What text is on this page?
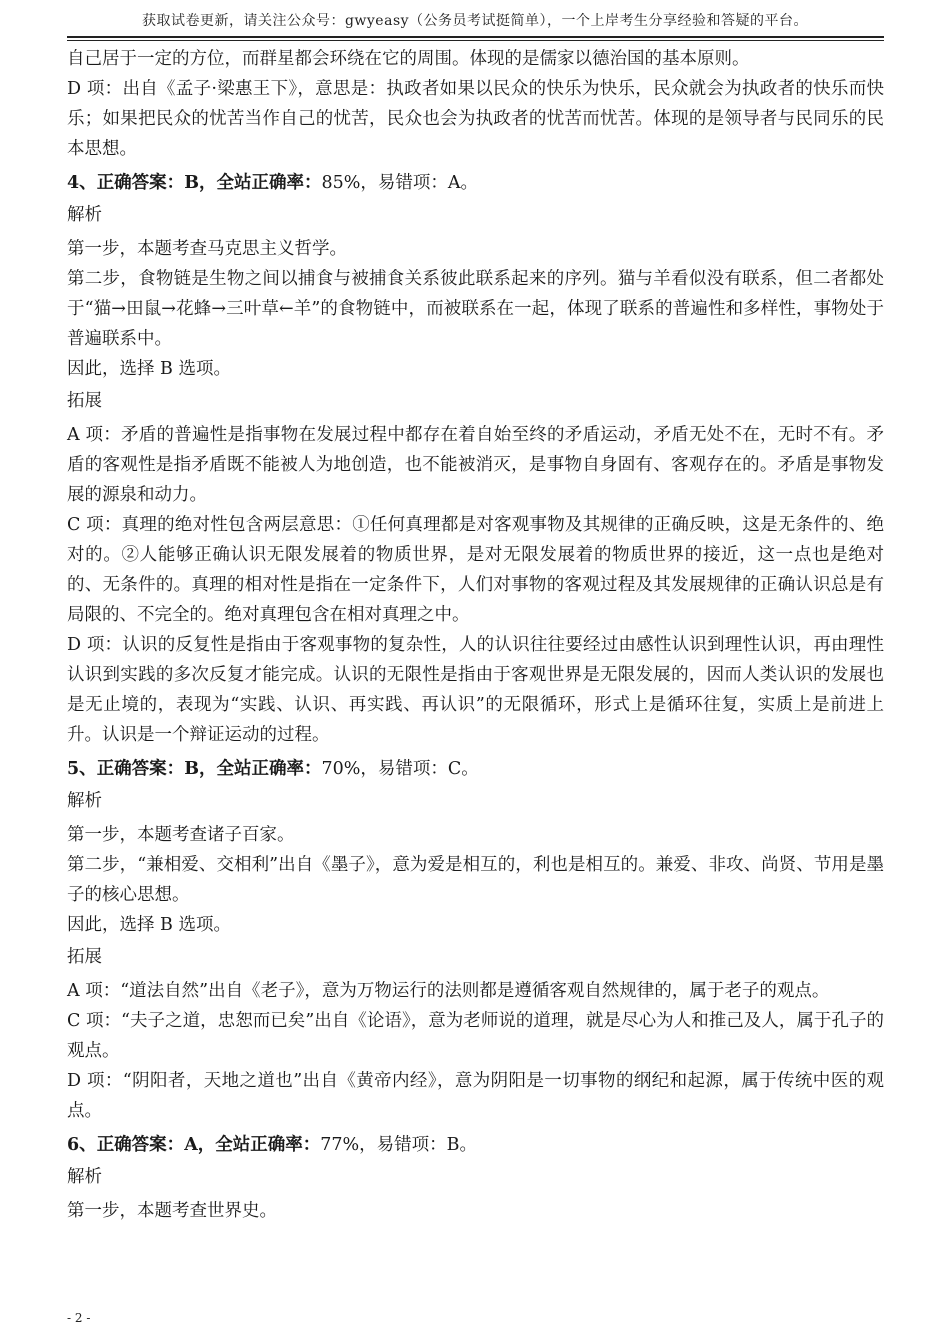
获取试卷更新，请关注公众号：gwyeasy（公务员考试挺简单），一个上岸考生分享经验和答疑的平台。

自己居于一定的方位，而群星都会环绕在它的周围。体现的是儒家以德治国的基本原则。

D 项：出自《孟子·梁惠王下》，意思是：执政者如果以民众的快乐为快乐，民众就会为执政者的快乐而快乐；如果把民众的忧苦当作自己的忧苦，民众也会为执政者的忧苦而忧苦。体现的是领导者与民同乐的民本思想。

4、正确答案：B，全站正确率：85%，易错项：A。
解析

第一步，本题考查马克思主义哲学。

第二步，食物链是生物之间以捕食与被捕食关系彼此联系起来的序列。猫与羊看似没有联系，但二者都处于“猫→田鼠→花蜂→三叶草←羊”的食物链中，而被联系在一起，体现了联系的普遍性和多样性，事物处于普遍联系中。

因此，选择 B 选项。

拓展

A 项：矛盾的普遍性是指事物在发展过程中都存在着自始至终的矛盾运动，矛盾无处不在，无时不有。矛盾的客观性是指矛盾既不能被人为地创造，也不能被消灭，是事物自身固有、客观存在的。矛盾是事物发展的源泉和动力。

C 项：真理的绝对性包含两层意思：①任何真理都是对客观事物及其规律的正确反映，这是无条件的、绝对的。②人能够正确认识无限发展着的物质世界，是对无限发展着的物质世界的接近，这一点也是绝对的、无条件的。真理的相对性是指在一定条件下，人们对事物的客观过程及其发展规律的正确认识总是有局限的、不完全的。绝对真理包含在相对真理之中。

D 项：认识的反复性是指由于客观事物的复杂性，人的认识往往要经过由感性认识到理性认识，再由理性认识到实践的多次反复才能完成。认识的无限性是指由于客观世界是无限发展的，因而人类认识的发展也是无止境的，表现为“实践、认识、再实践、再认识”的无限循环，形式上是循环往复，实质上是前进上升。认识是一个辩证运动的过程。

5、正确答案：B，全站正确率：70%，易错项：C。
解析

第一步，本题考查诸子百家。

第二步，“兼相爱、交相利”出自《墨子》，意为爱是相互的，利也是相互的。兼爱、非攻、尚贤、节用是墨子的核心思想。

因此，选择 B 选项。

拓展

A 项：“道法自然”出自《老子》，意为万物运行的法则都是遵循客观自然规律的，属于老子的观点。

C 项：“夫子之道，忠恕而已矣”出自《论语》，意为老师说的道理，就是尽心为人和推己及人，属于孔子的观点。

D 项：“阴阳者，天地之道也”出自《黄帝内经》，意为阴阳是一切事物的纲纪和起源，属于传统中医的观点。

6、正确答案：A，全站正确率：77%，易错项：B。
解析

第一步，本题考查世界史。

- 2 -
